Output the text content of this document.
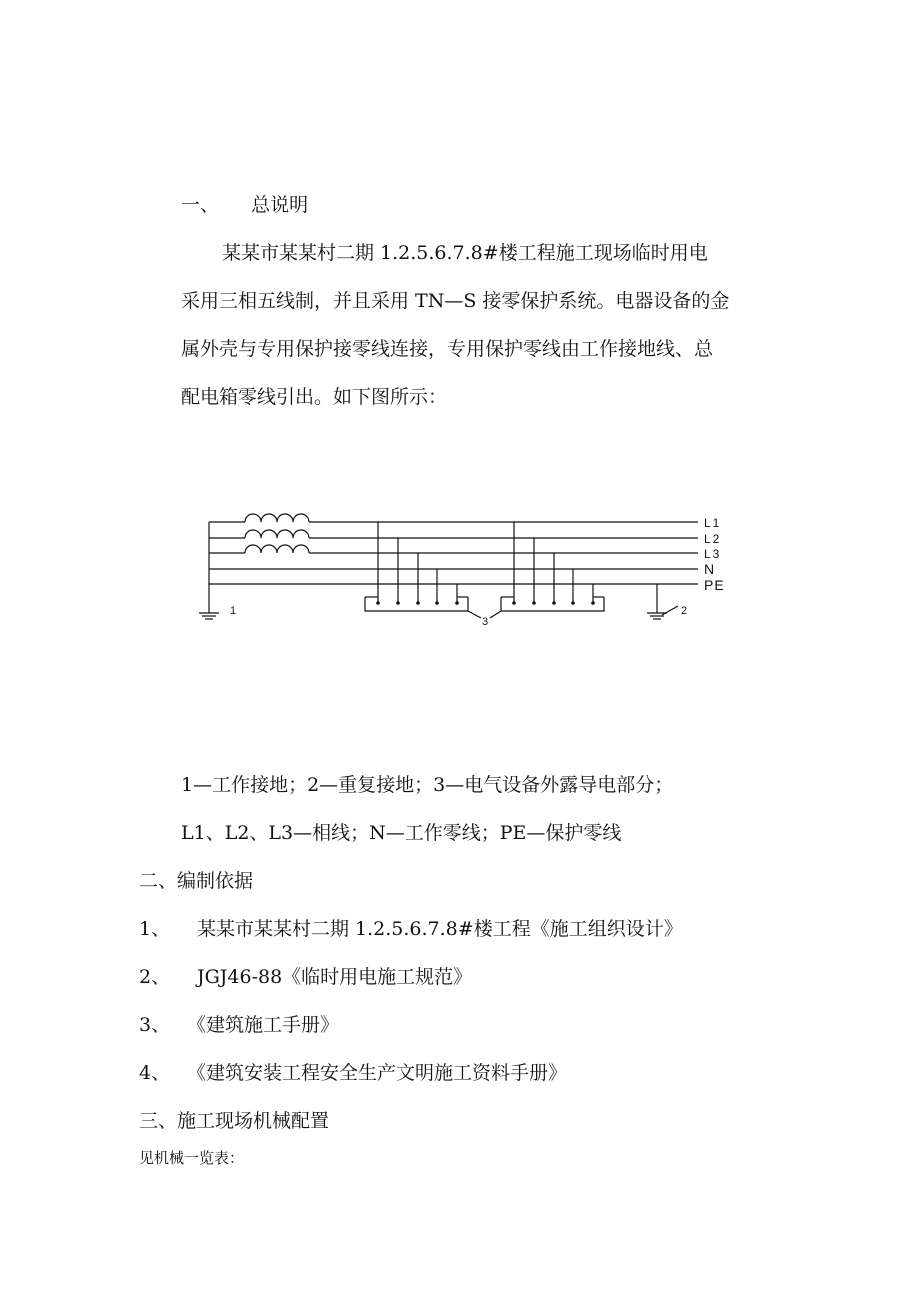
一、 总说明
某某市某某村二期 1.2.5.6.7.8#楼工程施工现场临时用电
采用三相五线制，并且采用 TN—S 接零保护系统。电器设备的金
属外壳与专用保护接零线连接，专用保护零线由工作接地线、总
配电箱零线引出。如下图所示：
L1
L2
L3
N
PE
1	2
3
1—工作接地；2—重复接地；3—电气设备外露导电部分；
L1、L2、L3—相线；N—工作零线；PE—保护零线
二、编制依据
1、 某某市某某村二期 1.2.5.6.7.8#楼工程《施工组织设计》
2、 JGJ46-88《临时用电施工规范》
3、 《建筑施工手册》
4、 《建筑安装工程安全生产文明施工资料手册》
三、施工现场机械配置
见机械一览表：
